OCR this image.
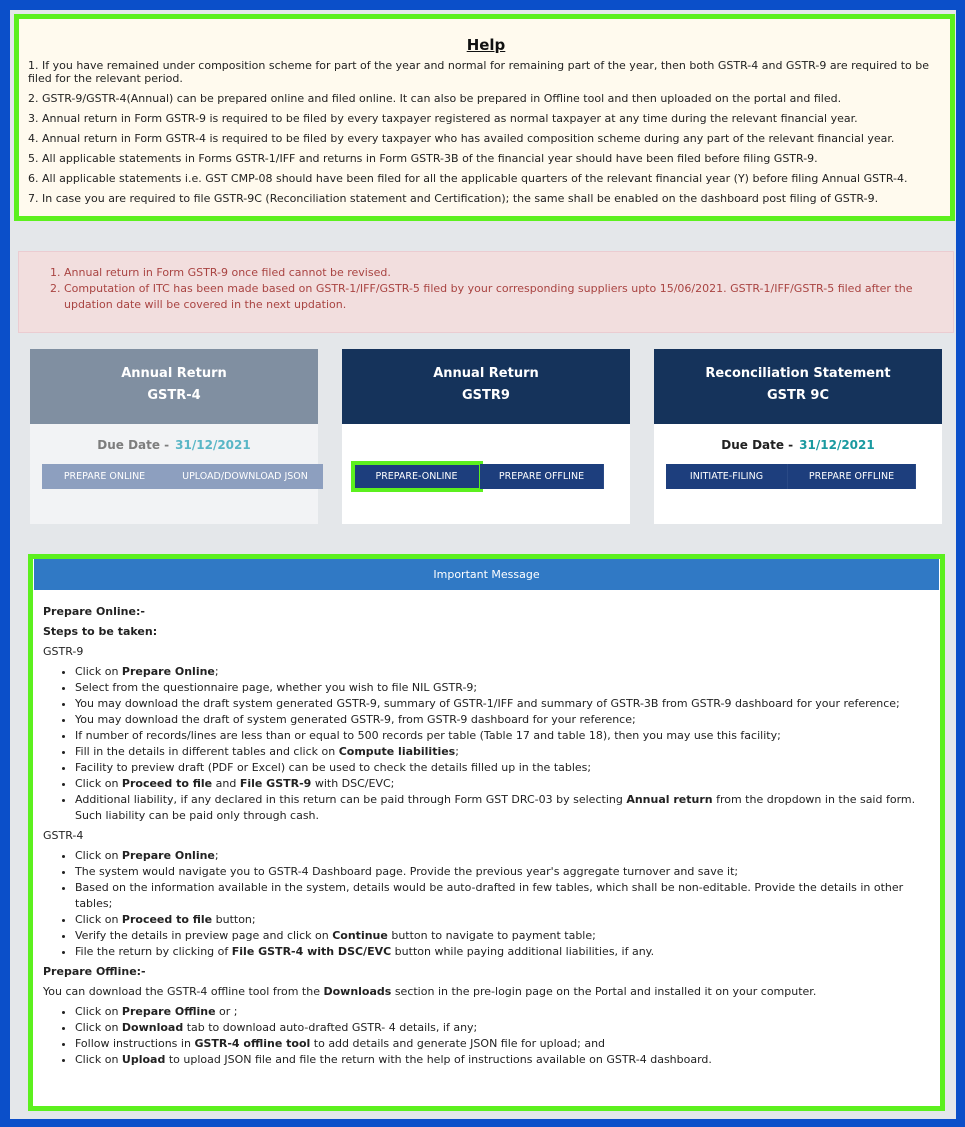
Help
1. If you have remained under composition scheme for part of the year and normal for remaining part of the year, then both GSTR-4 and GSTR-9 are required to be filed for the relevant period.
2. GSTR-9/GSTR-4(Annual) can be prepared online and filed online. It can also be prepared in Offline tool and then uploaded on the portal and filed.
3. Annual return in Form GSTR-9 is required to be filed by every taxpayer registered as normal taxpayer at any time during the relevant financial year.
4. Annual return in Form GSTR-4 is required to be filed by every taxpayer who has availed composition scheme during any part of the relevant financial year.
5. All applicable statements in Forms GSTR-1/IFF and returns in Form GSTR-3B of the financial year should have been filed before filing GSTR-9.
6. All applicable statements i.e. GST CMP-08 should have been filed for all the applicable quarters of the relevant financial year (Y) before filing Annual GSTR-4.
7. In case you are required to file GSTR-9C (Reconciliation statement and Certification); the same shall be enabled on the dashboard post filing of GSTR-9.
1. Annual return in Form GSTR-9 once filed cannot be revised.
2. Computation of ITC has been made based on GSTR-1/IFF/GSTR-5 filed by your corresponding suppliers upto 15/06/2021. GSTR-1/IFF/GSTR-5 filed after the updation date will be covered in the next updation.
Annual Return
GSTR-4
Due Date - 31/12/2021
PREPARE ONLINE	UPLOAD/DOWNLOAD JSON
Annual Return
GSTR9
PREPARE-ONLINE	PREPARE OFFLINE
Reconciliation Statement
GSTR 9C
Due Date - 31/12/2021
INITIATE-FILING	PREPARE OFFLINE
Important Message

Prepare Online:-

Steps to be taken:

GSTR-9

• Click on Prepare Online;
• Select from the questionnaire page, whether you wish to file NIL GSTR-9;
• You may download the draft system generated GSTR-9, summary of GSTR-1/IFF and summary of GSTR-3B from GSTR-9 dashboard for your reference;
• You may download the draft of system generated GSTR-9, from GSTR-9 dashboard for your reference;
• If number of records/lines are less than or equal to 500 records per table (Table 17 and table 18), then you may use this facility;
• Fill in the details in different tables and click on Compute liabilities;
• Facility to preview draft (PDF or Excel) can be used to check the details filled up in the tables;
• Click on Proceed to file and File GSTR-9 with DSC/EVC;
• Additional liability, if any declared in this return can be paid through Form GST DRC-03 by selecting Annual return from the dropdown in the said form. Such liability can be paid only through cash.

GSTR-4

• Click on Prepare Online;
• The system would navigate you to GSTR-4 Dashboard page. Provide the previous year's aggregate turnover and save it;
• Based on the information available in the system, details would be auto-drafted in few tables, which shall be non-editable. Provide the details in other tables;
• Click on Proceed to file button;
• Verify the details in preview page and click on Continue button to navigate to payment table;
• File the return by clicking of File GSTR-4 with DSC/EVC button while paying additional liabilities, if any.

Prepare Offline:-

You can download the GSTR-4 offline tool from the Downloads section in the pre-login page on the Portal and installed it on your computer.

• Click on Prepare Offline or ;
• Click on Download tab to download auto-drafted GSTR- 4 details, if any;
• Follow instructions in GSTR-4 offline tool to add details and generate JSON file for upload; and
• Click on Upload to upload JSON file and file the return with the help of instructions available on GSTR-4 dashboard.
